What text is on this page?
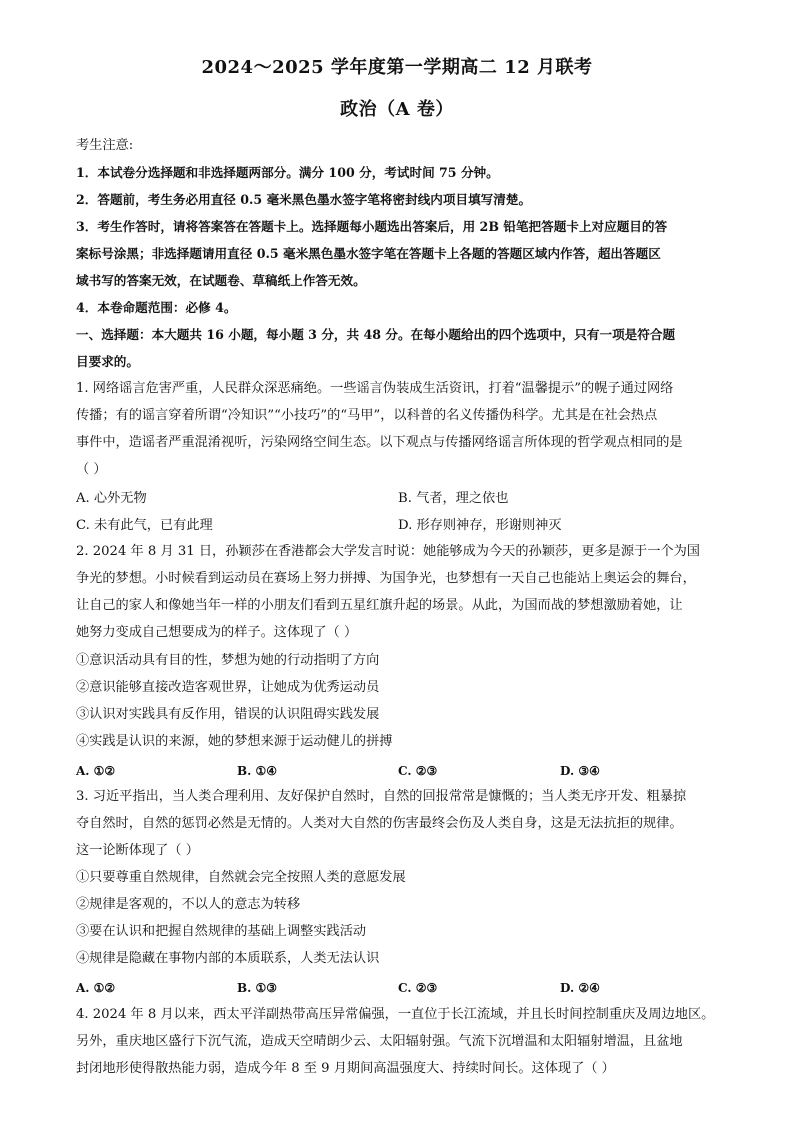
2024～2025 学年度第一学期高二 12 月联考
政治（A 卷）
考生注意:
1．本试卷分选择题和非选择题两部分。满分 100 分，考试时间 75 分钟。
2．答题前，考生务必用直径 0.5 毫米黑色墨水签字笔将密封线内项目填写清楚。
3．考生作答时，请将答案答在答题卡上。选择题每小题选出答案后，用 2B 铅笔把答题卡上对应题目的答
案标号涂黑；非选择题请用直径 0.5 毫米黑色墨水签字笔在答题卡上各题的答题区域内作答，超出答题区
域书写的答案无效，在试题卷、草稿纸上作答无效。
4．本卷命题范围：必修 4。
一、选择题：本大题共 16 小题，每小题 3 分，共 48 分。在每小题给出的四个选项中，只有一项是符合题
目要求的。
1. 网络谣言危害严重，人民群众深恶痛绝。一些谣言伪装成生活资讯，打着“温馨提示”的幌子通过网络
传播；有的谣言穿着所谓“冷知识”“小技巧”的“马甲”，以科普的名义传播伪科学。尤其是在社会热点
事件中，造谣者严重混淆视听，污染网络空间生态。以下观点与传播网络谣言所体现的哲学观点相同的是
（ ）
A. 心外无物	B. 气者，理之依也
C. 未有此气，已有此理	D. 形存则神存，形谢则神灭
2. 2024 年 8 月 31 日，孙颖莎在香港都会大学发言时说：她能够成为今天的孙颖莎，更多是源于一个为国
争光的梦想。小时候看到运动员在赛场上努力拼搏、为国争光，也梦想有一天自己也能站上奥运会的舞台，
让自己的家人和像她当年一样的小朋友们看到五星红旗升起的场景。从此，为国而战的梦想激励着她，让
她努力变成自己想要成为的样子。这体现了（ ）
①意识活动具有目的性，梦想为她的行动指明了方向
②意识能够直接改造客观世界，让她成为优秀运动员
③认识对实践具有反作用，错误的认识阻碍实践发展
④实践是认识的来源，她的梦想来源于运动健儿的拼搏
A. ①②	B. ①④	C. ②③	D. ③④
3. 习近平指出，当人类合理利用、友好保护自然时，自然的回报常常是慷慨的；当人类无序开发、粗暴掠
夺自然时，自然的惩罚必然是无情的。人类对大自然的伤害最终会伤及人类自身，这是无法抗拒的规律。
这一论断体现了（ ）
①只要尊重自然规律，自然就会完全按照人类的意愿发展
②规律是客观的，不以人的意志为转移
③要在认识和把握自然规律的基础上调整实践活动
④规律是隐藏在事物内部的本质联系，人类无法认识
A. ①②	B. ①③	C. ②③	D. ②④
4. 2024 年 8 月以来，西太平洋副热带高压异常偏强，一直位于长江流域，并且长时间控制重庆及周边地区。
另外，重庆地区盛行下沉气流，造成天空晴朗少云、太阳辐射强。气流下沉增温和太阳辐射增温，且盆地
封闭地形使得散热能力弱，造成今年 8 至 9 月期间高温强度大、持续时间长。这体现了（ ）
